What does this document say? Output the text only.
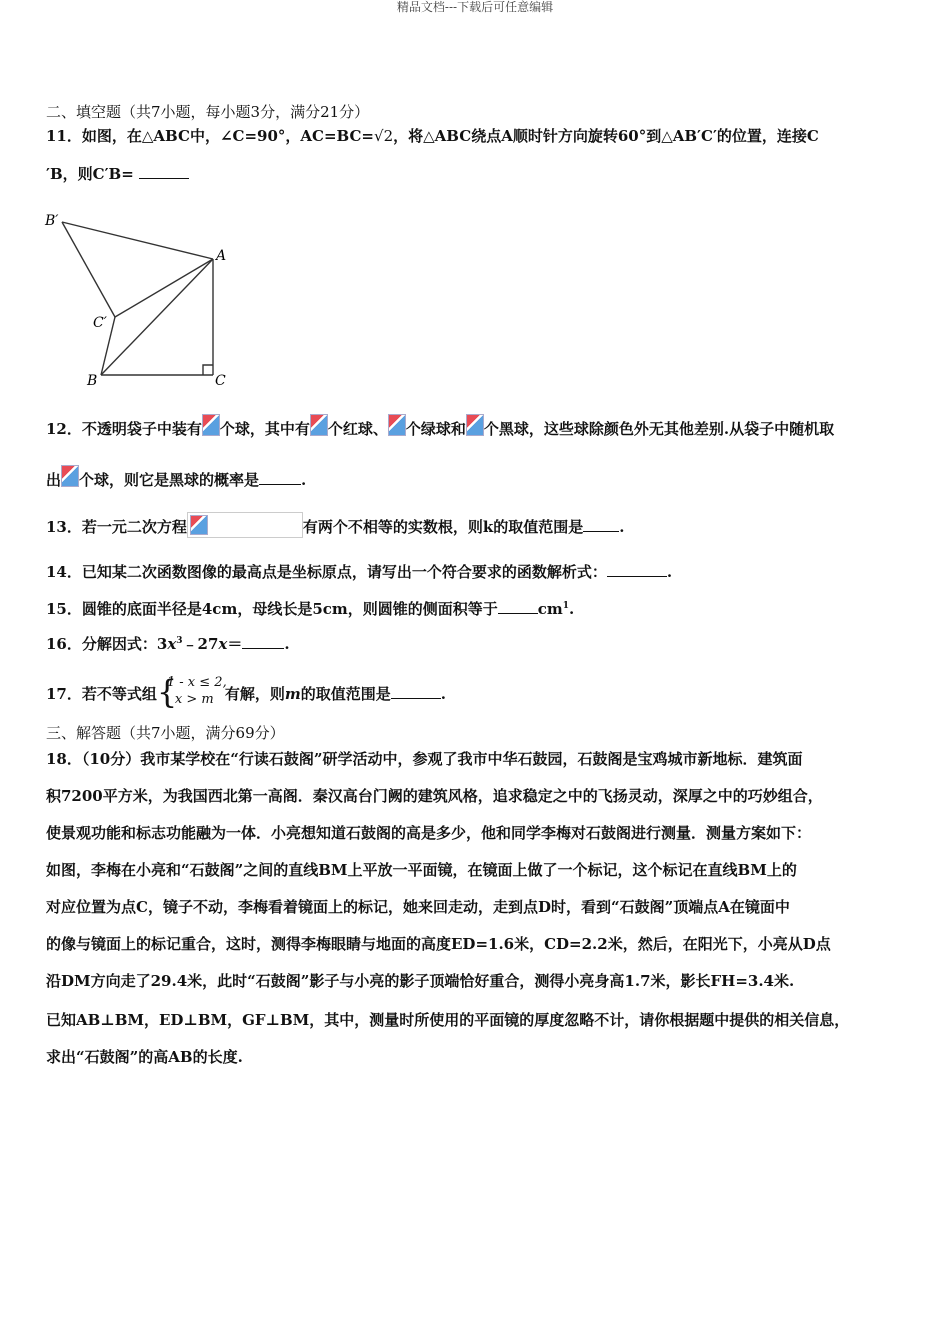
精品文档---下载后可任意编辑
二、填空题（共7小题，每小题3分，满分21分）
11．如图，在△ABC中，∠C=90°，AC=BC=√2，将△ABC绕点A顺时针方向旋转60°到△AB′C′的位置，连接C
′B，则C′B=
B′
A
C′
B	C
12．不透明袋子中装有 个球，其中有 个红球、 个绿球和 个黑球，这些球除颜色外无其他差别.从袋子中随机取
出 个球，则它是黑球的概率是	.
13．若一元二次方程	有两个不相等的实数根，则k的取值范围是 .
14．已知某二次函数图像的最高点是坐标原点，请写出一个符合要求的函数解析式：	.
15．圆锥的底面半径是4cm，母线长是5cm，则圆锥的侧面积等于	$cm^1$.
16．分解因式：$3x^3﹣27x=$	.
17．若不等式组 {
1 - x ≤ 2,
x > m 有解，则m的取值范围是	.
三、解答题（共7小题，满分69分）
18．（10分）我市某学校在“行读石鼓阁”研学活动中，参观了我市中华石鼓园，石鼓阁是宝鸡城市新地标．建筑面
积7200平方米，为我国西北第一高阁．秦汉高台门阙的建筑风格，追求稳定之中的飞扬灵动，深厚之中的巧妙组合，
使景观功能和标志功能融为一体．小亮想知道石鼓阁的高是多少，他和同学李梅对石鼓阁进行测量．测量方案如下：
如图，李梅在小亮和“石鼓阁”之间的直线BM上平放一平面镜，在镜面上做了一个标记，这个标记在直线BM上的
对应位置为点C，镜子不动，李梅看着镜面上的标记，她来回走动，走到点D时，看到“石鼓阁”顶端点A在镜面中
的像与镜面上的标记重合，这时，测得李梅眼睛与地面的高度ED=1.6米，CD=2.2米，然后，在阳光下，小亮从D点
沿DM方向走了29.4米，此时“石鼓阁”影子与小亮的影子顶端恰好重合，测得小亮身高1.7米，影长FH=3.4米.
已知AB⊥BM，ED⊥BM，GF⊥BM，其中，测量时所使用的平面镜的厚度忽略不计，请你根据题中提供的相关信息，
求出“石鼓阁”的高AB的长度.
